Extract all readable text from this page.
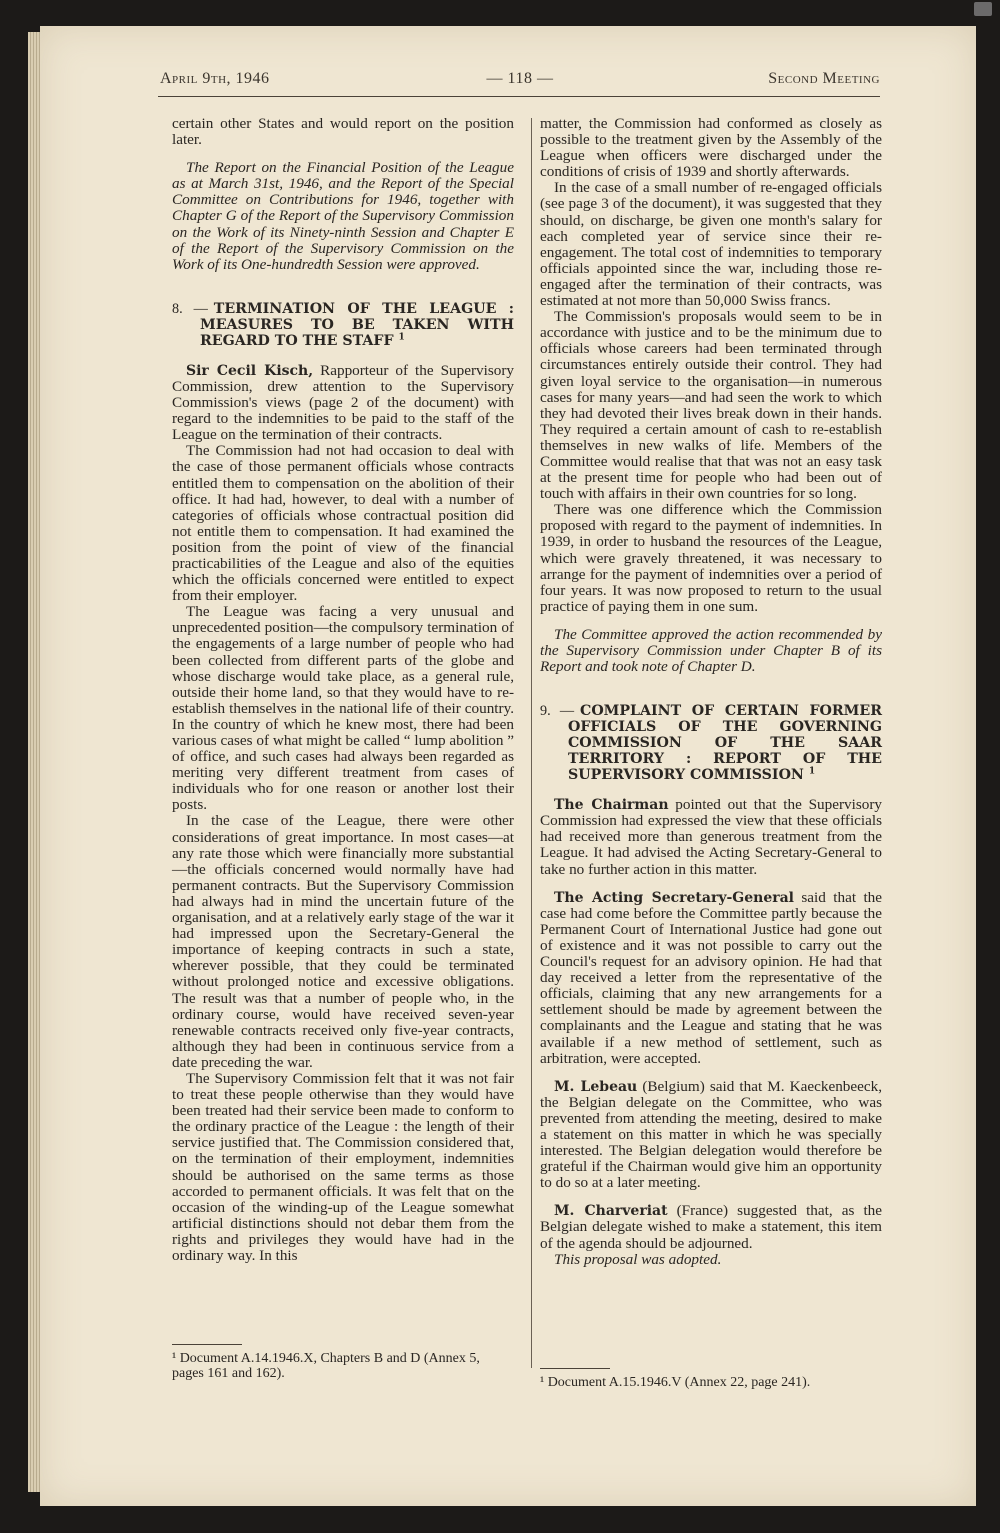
April 9th, 1946	— 118 —	Second Meeting

certain other States and would report on the position later.

The Report on the Financial Position of the League as at March 31st, 1946, and the Report of the Special Committee on Contributions for 1946, together with Chapter G of the Report of the Supervisory Commission on the Work of its Ninety-ninth Session and Chapter E of the Report of the Supervisory Commission on the Work of its One-hundredth Session were approved.

8. — TERMINATION OF THE LEAGUE : MEASURES TO BE TAKEN WITH REGARD TO THE STAFF $^1$

Sir Cecil Kisch, Rapporteur of the Supervisory Commission, drew attention to the Supervisory Commission's views (page 2 of the document) with regard to the indemnities to be paid to the staff of the League on the termination of their contracts.

The Commission had not had occasion to deal with the case of those permanent officials whose contracts entitled them to compensation on the abolition of their office. It had had, however, to deal with a number of categories of officials whose contractual position did not entitle them to compensation. It had examined the position from the point of view of the financial practicabilities of the League and also of the equities which the officials concerned were entitled to expect from their employer.

The League was facing a very unusual and unprecedented position—the compulsory termination of the engagements of a large number of people who had been collected from different parts of the globe and whose discharge would take place, as a general rule, outside their home land, so that they would have to re-establish themselves in the national life of their country. In the country of which he knew most, there had been various cases of what might be called “ lump abolition ” of office, and such cases had always been regarded as meriting very different treatment from cases of individuals who for one reason or another lost their posts.

In the case of the League, there were other considerations of great importance. In most cases—at any rate those which were financially more substantial—the officials concerned would normally have had permanent contracts. But the Supervisory Commission had always had in mind the uncertain future of the organisation, and at a relatively early stage of the war it had impressed upon the Secretary-General the importance of keeping contracts in such a state, wherever possible, that they could be terminated without prolonged notice and excessive obligations. The result was that a number of people who, in the ordinary course, would have received seven-year renewable contracts received only five-year contracts, although they had been in continuous service from a date preceding the war.

The Supervisory Commission felt that it was not fair to treat these people otherwise than they would have been treated had their service been made to conform to the ordinary practice of the League : the length of their service justified that. The Commission considered that, on the termination of their employment, indemnities should be authorised on the same terms as those accorded to permanent officials. It was felt that on the occasion of the winding-up of the League somewhat artificial distinctions should not debar them from the rights and privileges they would have had in the ordinary way. In this

¹ Document A.14.1946.X, Chapters B and D (Annex 5, pages 161 and 162).

matter, the Commission had conformed as closely as possible to the treatment given by the Assembly of the League when officers were discharged under the conditions of crisis of 1939 and shortly afterwards.

In the case of a small number of re-engaged officials (see page 3 of the document), it was suggested that they should, on discharge, be given one month's salary for each completed year of service since their re-engagement. The total cost of indemnities to temporary officials appointed since the war, including those re-engaged after the termination of their contracts, was estimated at not more than 50,000 Swiss francs.

The Commission's proposals would seem to be in accordance with justice and to be the minimum due to officials whose careers had been terminated through circumstances entirely outside their control. They had given loyal service to the organisation—in numerous cases for many years—and had seen the work to which they had devoted their lives break down in their hands. They required a certain amount of cash to re-establish themselves in new walks of life. Members of the Committee would realise that that was not an easy task at the present time for people who had been out of touch with affairs in their own countries for so long.

There was one difference which the Commission proposed with regard to the payment of indemnities. In 1939, in order to husband the resources of the League, which were gravely threatened, it was necessary to arrange for the payment of indemnities over a period of four years. It was now proposed to return to the usual practice of paying them in one sum.

The Committee approved the action recommended by the Supervisory Commission under Chapter B of its Report and took note of Chapter D.

9. — COMPLAINT OF CERTAIN FORMER OFFICIALS OF THE GOVERNING COMMISSION OF THE SAAR TERRITORY : REPORT OF THE SUPERVISORY COMMISSION $^1$

The Chairman pointed out that the Supervisory Commission had expressed the view that these officials had received more than generous treatment from the League. It had advised the Acting Secretary-General to take no further action in this matter.

The Acting Secretary-General said that the case had come before the Committee partly because the Permanent Court of International Justice had gone out of existence and it was not possible to carry out the Council's request for an advisory opinion. He had that day received a letter from the representative of the officials, claiming that any new arrangements for a settlement should be made by agreement between the complainants and the League and stating that he was available if a new method of settlement, such as arbitration, were accepted.

M. Lebeau (Belgium) said that M. Kaeckenbeeck, the Belgian delegate on the Committee, who was prevented from attending the meeting, desired to make a statement on this matter in which he was specially interested. The Belgian delegation would therefore be grateful if the Chairman would give him an opportunity to do so at a later meeting.

M. Charveriat (France) suggested that, as the Belgian delegate wished to make a statement, this item of the agenda should be adjourned.

This proposal was adopted.

¹ Document A.15.1946.V (Annex 22, page 241).
